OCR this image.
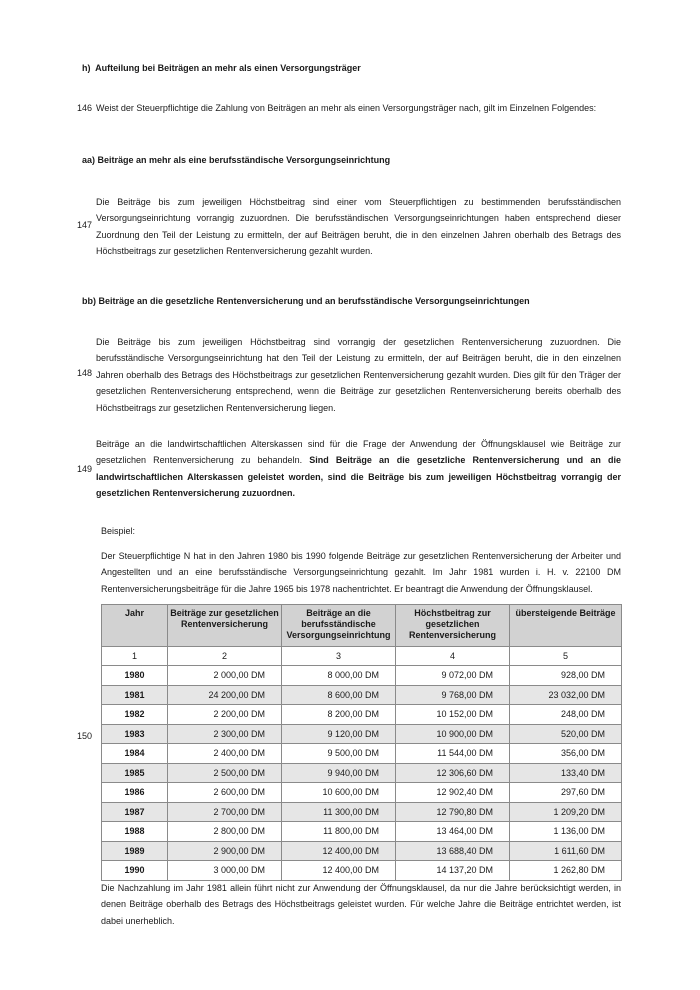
h)  Aufteilung bei Beiträgen an mehr als einen Versorgungsträger
146 Weist der Steuerpflichtige die Zahlung von Beiträgen an mehr als einen Versorgungsträger nach, gilt im Einzelnen Folgendes:
aa) Beiträge an mehr als eine berufsständische Versorgungseinrichtung
147

Die Beiträge bis zum jeweiligen Höchstbeitrag sind einer vom Steuerpflichtigen zu bestimmenden berufsständischen Versorgungseinrichtung vorrangig zuzuordnen. Die berufsständischen Versorgungseinrichtungen haben entsprechend dieser Zuordnung den Teil der Leistung zu ermitteln, der auf Beiträgen beruht, die in den einzelnen Jahren oberhalb des Betrags des Höchstbeitrags zur gesetzlichen Rentenversicherung gezahlt wurden.

bb) Beiträge an die gesetzliche Rentenversicherung und an berufsständische Versorgungseinrichtungen
148

Die Beiträge bis zum jeweiligen Höchstbeitrag sind vorrangig der gesetzlichen Rentenversicherung zuzuordnen. Die berufsständische Versorgungseinrichtung hat den Teil der Leistung zu ermitteln, der auf Beiträgen beruht, die in den einzelnen Jahren oberhalb des Betrags des Höchstbeitrags zur gesetzlichen Rentenversicherung gezahlt wurden. Dies gilt für den Träger der gesetzlichen Rentenversicherung entsprechend, wenn die Beiträge zur gesetzlichen Rentenversicherung bereits oberhalb des Höchstbeitrags zur gesetzlichen Rentenversicherung liegen.

149

Beiträge an die landwirtschaftlichen Alterskassen sind für die Frage der Anwendung der Öffnungsklausel wie Beiträge zur gesetzlichen Rentenversicherung zu behandeln. Sind Beiträge an die gesetzliche Rentenversicherung und an die landwirtschaftlichen Alterskassen geleistet worden, sind die Beiträge bis zum jeweiligen Höchstbeitrag vorrangig der gesetzlichen Rentenversicherung zuzuordnen.

Beispiel:

Der Steuerpflichtige N hat in den Jahren 1980 bis 1990 folgende Beiträge zur gesetzlichen Rentenversicherung der Arbeiter und Angestellten und an eine berufsständische Versorgungseinrichtung gezahlt. Im Jahr 1981 wurden i. H. v. 22100 DM Rentenversicherungsbeiträge für die Jahre 1965 bis 1978 nachentrichtet. Er beantragt die Anwendung der Öffnungsklausel.

150
Jahr	Beiträge zur gesetzlichen Rentenversicherung	Beiträge an die berufsständische Versorgungseinrichtung	Höchstbeitrag zur gesetzlichen Rentenversicherung	übersteigende Beiträge
1	2	3	4	5
1980	2 000,00 DM	8 000,00 DM	9 072,00 DM	928,00 DM
1981	24 200,00 DM	8 600,00 DM	9 768,00 DM	23 032,00 DM
1982	2 200,00 DM	8 200,00 DM	10 152,00 DM	248,00 DM
1983	2 300,00 DM	9 120,00 DM	10 900,00 DM	520,00 DM
1984	2 400,00 DM	9 500,00 DM	11 544,00 DM	356,00 DM
1985	2 500,00 DM	9 940,00 DM	12 306,60 DM	133,40 DM
1986	2 600,00 DM	10 600,00 DM	12 902,40 DM	297,60 DM
1987	2 700,00 DM	11 300,00 DM	12 790,80 DM	1 209,20 DM
1988	2 800,00 DM	11 800,00 DM	13 464,00 DM	1 136,00 DM
1989	2 900,00 DM	12 400,00 DM	13 688,40 DM	1 611,60 DM
1990	3 000,00 DM	12 400,00 DM	14 137,20 DM	1 262,80 DM

Die Nachzahlung im Jahr 1981 allein führt nicht zur Anwendung der Öffnungsklausel, da nur die Jahre berücksichtigt werden, in denen Beiträge oberhalb des Betrags des Höchstbeitrags geleistet wurden. Für welche Jahre die Beiträge entrichtet werden, ist dabei unerheblich.
